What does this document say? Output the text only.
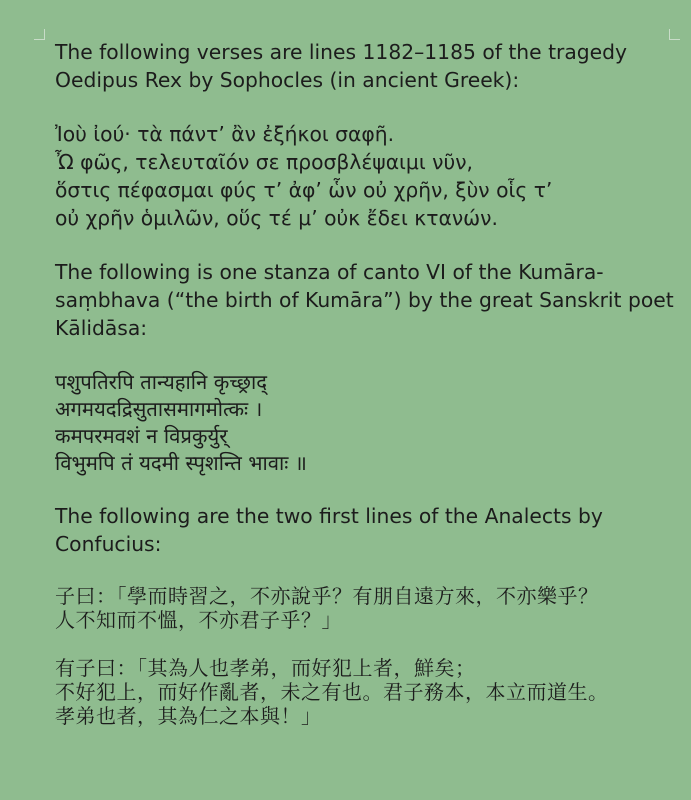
The following verses are lines 1182–1185 of the tragedy
Oedipus Rex by Sophocles (in ancient Greek):

Ἰοὺ ἰού· τὰ πάντ’ ἂν ἐξήκοι σαφῆ.
Ὦ φῶς, τελευταῖόν σε προσβλέψαιμι νῦν,
ὅστις πέφασμαι φύς τ’ ἀφ’ ὧν οὐ χρῆν, ξὺν οἷς τ’
οὐ χρῆν ὁμιλῶν, οὕς τέ μ’ οὐκ ἔδει κτανών.

The following is one stanza of canto VI of the Kumāra-
saṃbhava (“the birth of Kumāra”) by the great Sanskrit poet
Kālidāsa:

पशुपतिरपि तान्यहानि कृच्छ्राद्
अगमयदद्रिसुतासमागमोत्कः ।
कमपरमवशं न विप्रकुर्युर्
विभुमपि तं यदमी स्पृशन्ति भावाः ॥

The following are the two first lines of the Analects by
Confucius:

子曰：「學而時習之，不亦說乎？有朋自遠方來，不亦樂乎？
人不知而不慍，不亦君子乎？」

有子曰：「其為人也孝弟，而好犯上者，鮮矣；
不好犯上，而好作亂者，未之有也。君子務本，本立而道生。
孝弟也者，其為仁之本與！」
